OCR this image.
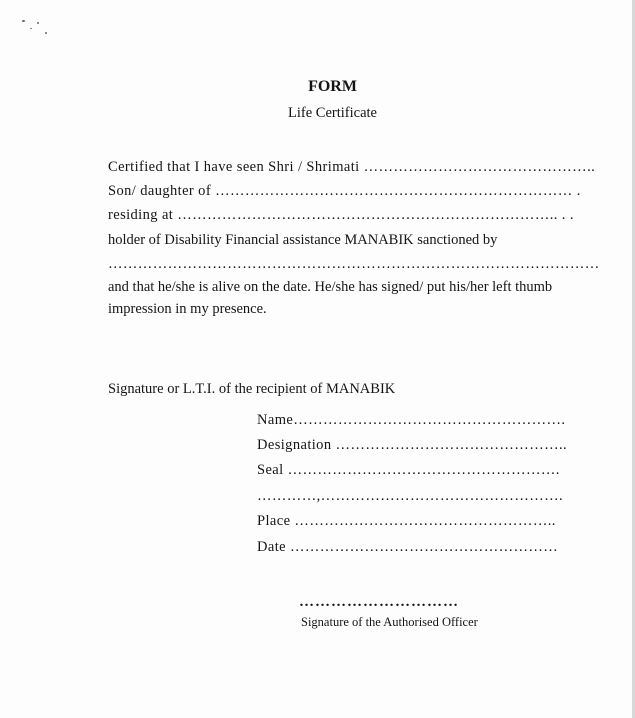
FORM
Life Certificate
Certified that I have seen Shri / Shrimati ………………………………………..
Son/ daughter of ……………………………………………………………… .
residing at ………………………………………………………………….. . .
holder of Disability Financial assistance MANABIK sanctioned by
………………………………………………………………………………………
and that he/she is alive on the date. He/she has signed/ put his/her left thumb
impression in my presence.
Signature or L.T.I. of the recipient of MANABIK
Name……………………………………………….
Designation ………………………………………..
Seal ……………………………………………….
…………,………………………………………….
Place ……………………………………………..
Date ………………………………………………
…………………………
Signature of the Authorised Officer
